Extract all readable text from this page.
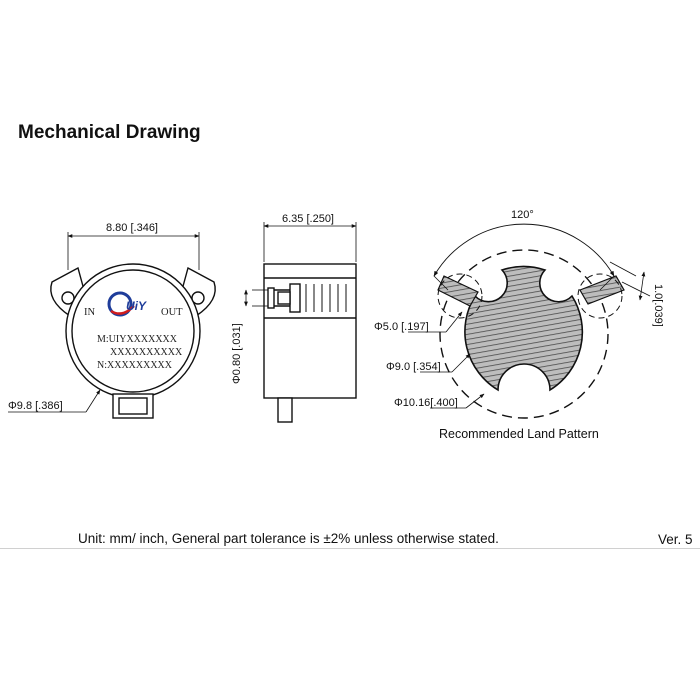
Mechanical Drawing
UiY
IN	OUT
M:UIYXXXXXXX
XXXXXXXXXX
N:XXXXXXXXX
8.80 [.346]
Φ9.8 [.386]
6.35 [.250]
Φ0.80 [.031]
120°
Φ5.0 [.197]
Φ9.0 [.354]
Φ10.16[.400]
1.0[.039]
Recommended Land Pattern
Unit: mm/ inch, General part tolerance is ±2% unless otherwise stated.	Ver. 5
